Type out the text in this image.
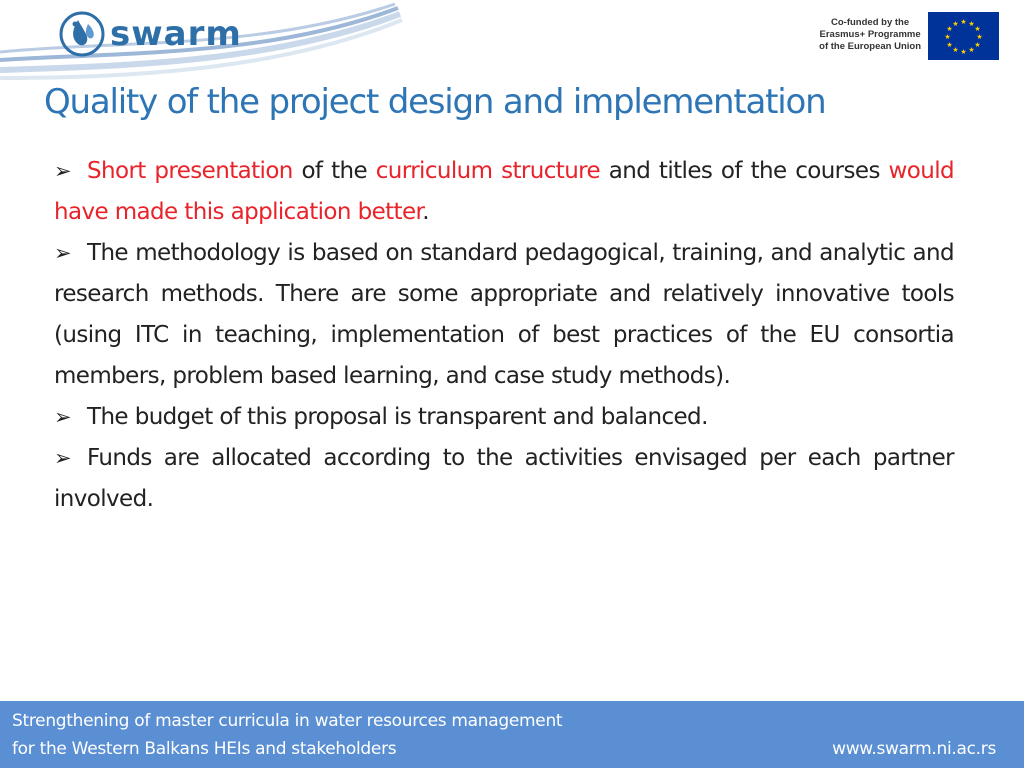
swarm	Co-funded by the
Erasmus+ Programme
of the European Union
★ ★
★
★
★
★
★
★
★
★
★
★
Quality of the project design and implementation

➢ Short presentation of the curriculum structure and titles of the courses would have made this application better.

➢ The methodology is based on standard pedagogical, training, and analytic and research methods. There are some appropriate and relatively innovative tools (using ITC in teaching, implementation of best practices of the EU consortia members, problem based learning, and case study methods).

➢ The budget of this proposal is transparent and balanced.

➢ Funds are allocated according to the activities envisaged per each partner involved.

Strengthening of master curricula in water resources management
for the Western Balkans HEIs and stakeholders	www.swarm.ni.ac.rs
